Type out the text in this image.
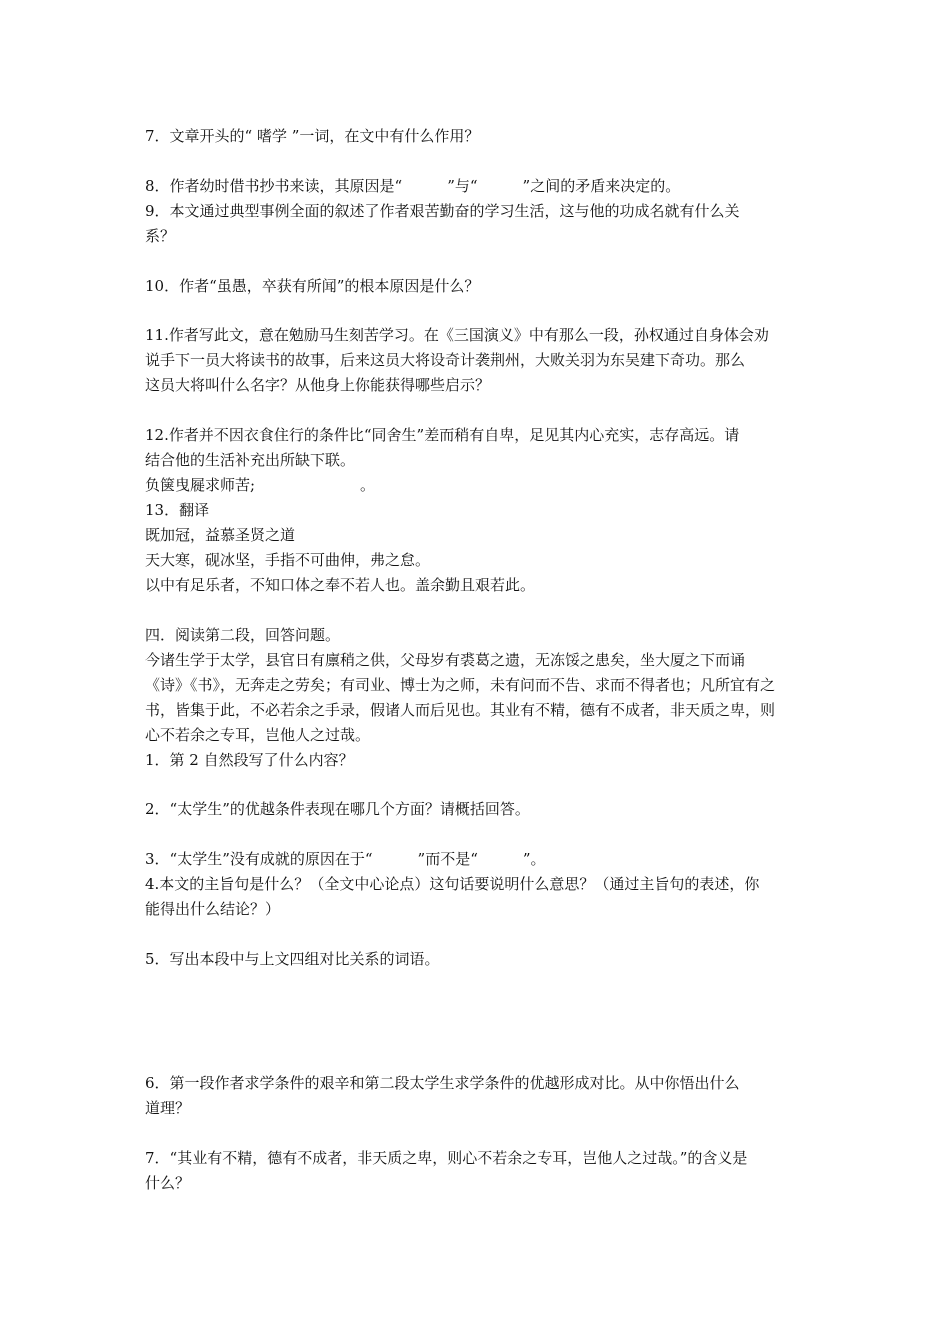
7．文章开头的“ 嗜学 ”一词，在文中有什么作用？
8．作者幼时借书抄书来读，其原因是“　　　”与“　　　”之间的矛盾来决定的。
9．本文通过典型事例全面的叙述了作者艰苦勤奋的学习生活，这与他的功成名就有什么关
系？
10．作者“虽愚，卒获有所闻”的根本原因是什么？
11.作者写此文，意在勉励马生刻苦学习。在《三国演义》中有那么一段，孙权通过自身体会劝
说手下一员大将读书的故事，后来这员大将设奇计袭荆州，大败关羽为东吴建下奇功。那么
这员大将叫什么名字？从他身上你能获得哪些启示？
12.作者并不因衣食住行的条件比“同舍生”差而稍有自卑，足见其内心充实，志存高远。请
结合他的生活补充出所缺下联。
负箧曳屣求师苦;　　　　　　　。
13．翻译
既加冠，益慕圣贤之道
天大寒，砚冰坚，手指不可曲伸，弗之怠。
以中有足乐者，不知口体之奉不若人也。盖余勤且艰若此。
四．阅读第二段，回答问题。
今诸生学于太学，县官日有廪稍之供，父母岁有裘葛之遗，无冻馁之患矣，坐大厦之下而诵
《诗》《书》，无奔走之劳矣；有司业、博士为之师，未有问而不告、求而不得者也；凡所宜有之
书，皆集于此，不必若余之手录，假诸人而后见也。其业有不精，德有不成者，非天质之卑，则
心不若余之专耳，岂他人之过哉。
1．第 2 自然段写了什么内容？
2．“太学生”的优越条件表现在哪几个方面？请概括回答。
3．“太学生”没有成就的原因在于“　　　”而不是“　　　”。
4.本文的主旨句是什么？（全文中心论点）这句话要说明什么意思？（通过主旨句的表述，你
能得出什么结论？）
5．写出本段中与上文四组对比关系的词语。
6．第一段作者求学条件的艰辛和第二段太学生求学条件的优越形成对比。从中你悟出什么
道理？
7．“其业有不精，德有不成者，非天质之卑，则心不若余之专耳，岂他人之过哉。”的含义是
什么？
